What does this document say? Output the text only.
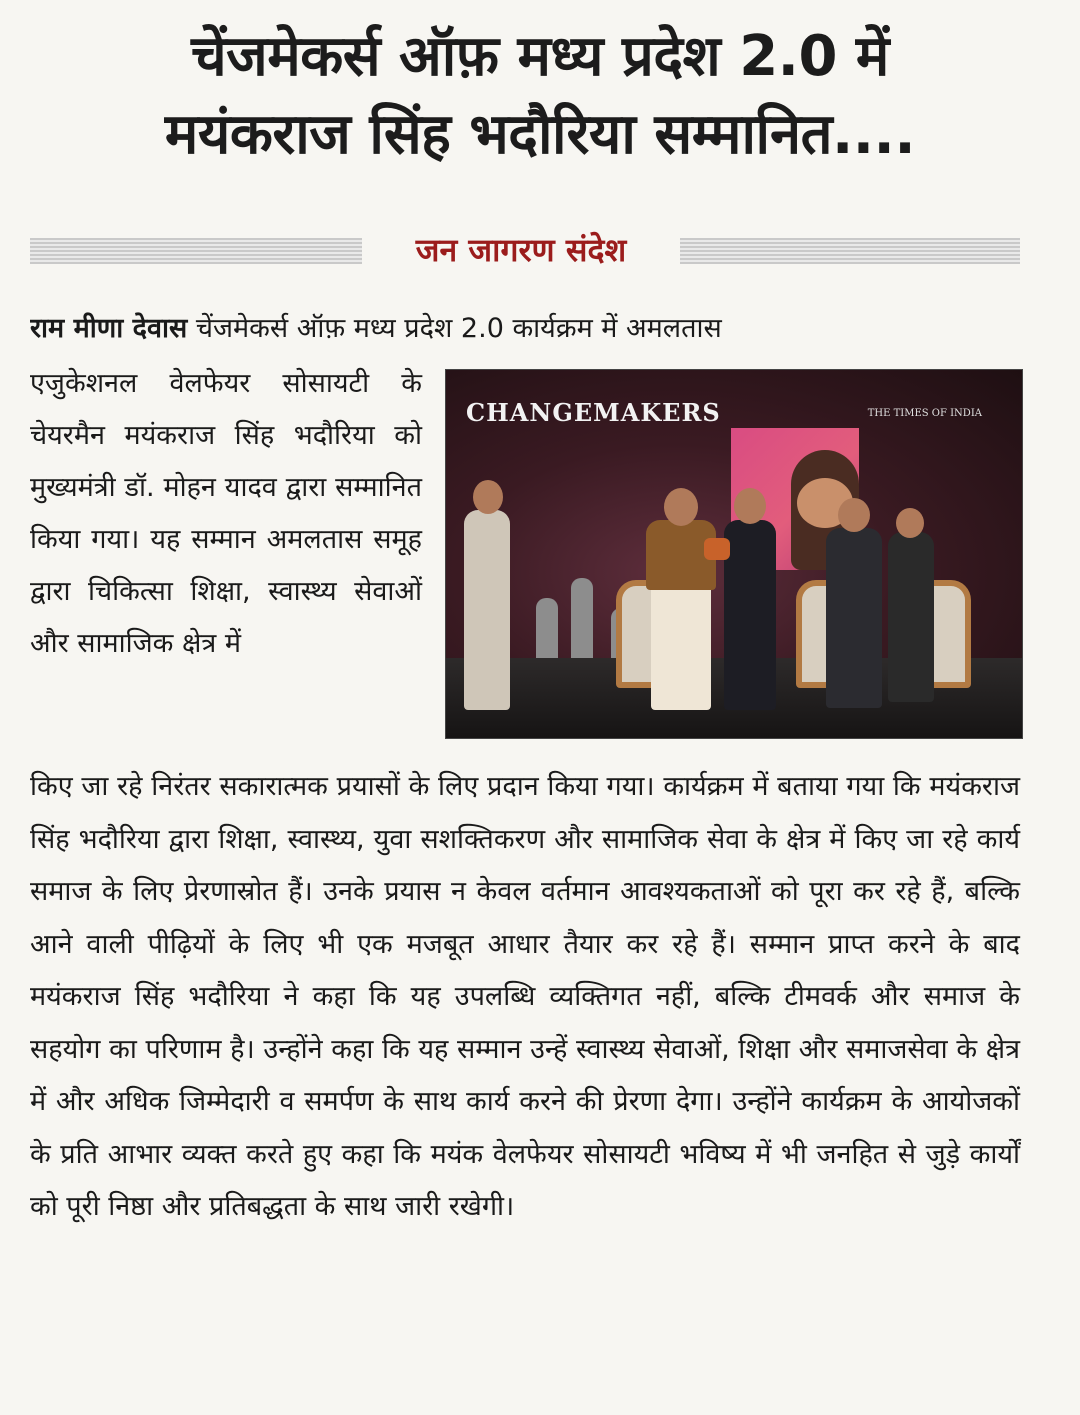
चेंजमेकर्स ऑफ़ मध्य प्रदेश 2.0 में
मयंकराज सिंह भदौरिया सम्मानित....
जन जागरण संदेश
राम मीणा देवास चेंजमेकर्स ऑफ़ मध्य प्रदेश 2.0 कार्यक्रम में अमलतास

एजुकेशनल वेलफेयर सोसायटी के चेयरमैन मयंकराज सिंह भदौरिया को मुख्यमंत्री डॉ. मोहन यादव द्वारा सम्मानित किया गया। यह सम्मान अमलतास समूह द्वारा चिकित्सा शिक्षा, स्वास्थ्य सेवाओं और सामाजिक क्षेत्र में

CHANGEMAKERS	THE TIMES OF INDIA

किए जा रहे निरंतर सकारात्मक प्रयासों के लिए प्रदान किया गया। कार्यक्रम में बताया गया कि मयंकराज सिंह भदौरिया द्वारा शिक्षा, स्वास्थ्य, युवा सशक्तिकरण और सामाजिक सेवा के क्षेत्र में किए जा रहे कार्य समाज के लिए प्रेरणास्रोत हैं। उनके प्रयास न केवल वर्तमान आवश्यकताओं को पूरा कर रहे हैं, बल्कि आने वाली पीढ़ियों के लिए भी एक मजबूत आधार तैयार कर रहे हैं। सम्मान प्राप्त करने के बाद मयंकराज सिंह भदौरिया ने कहा कि यह उपलब्धि व्यक्तिगत नहीं, बल्कि टीमवर्क और समाज के सहयोग का परिणाम है। उन्होंने कहा कि यह सम्मान उन्हें स्वास्थ्य सेवाओं, शिक्षा और समाजसेवा के क्षेत्र में और अधिक जिम्मेदारी व समर्पण के साथ कार्य करने की प्रेरणा देगा। उन्होंने कार्यक्रम के आयोजकों के प्रति आभार व्यक्त करते हुए कहा कि मयंक वेलफेयर सोसायटी भविष्य में भी जनहित से जुड़े कार्यों को पूरी निष्ठा और प्रतिबद्धता के साथ जारी रखेगी।
